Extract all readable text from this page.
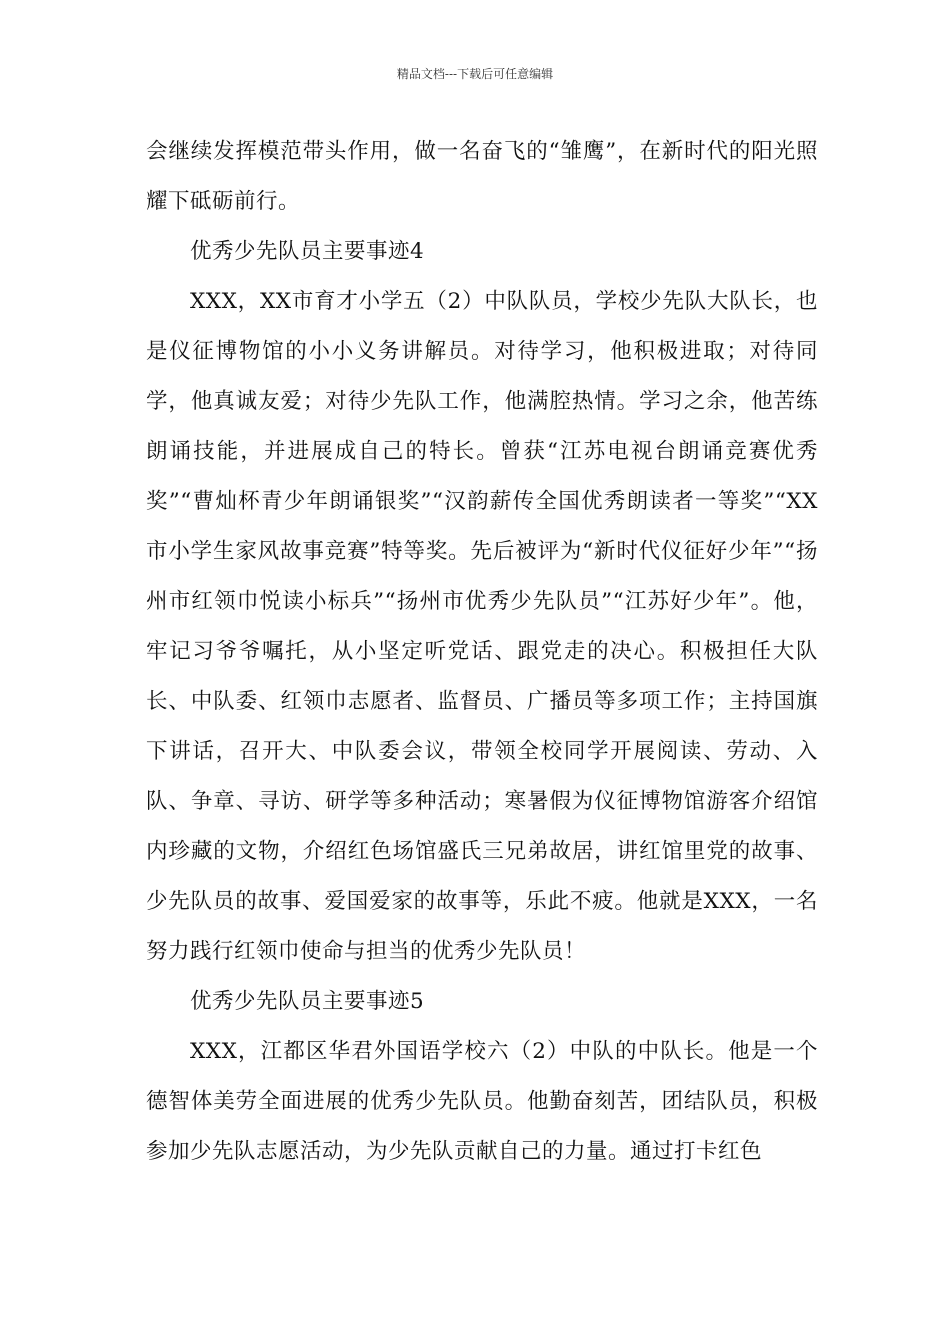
精品文档---下载后可任意编辑

会继续发挥模范带头作用，做一名奋飞的“雏鹰”，在新时代的阳光照耀下砥砺前行。

优秀少先队员主要事迹4

XXX，XX市育才小学五（2）中队队员，学校少先队大队长，也是仪征博物馆的小小义务讲解员。对待学习，他积极进取；对待同学，他真诚友爱；对待少先队工作，他满腔热情。学习之余，他苦练朗诵技能，并进展成自己的特长。曾获“江苏电视台朗诵竞赛优秀奖”“曹灿杯青少年朗诵银奖”“汉韵薪传全国优秀朗读者一等奖”“XX市小学生家风故事竞赛”特等奖。先后被评为“新时代仪征好少年”“扬州市红领巾悦读小标兵”“扬州市优秀少先队员”“江苏好少年”。他，牢记习爷爷嘱托，从小坚定听党话、跟党走的决心。积极担任大队长、中队委、红领巾志愿者、监督员、广播员等多项工作；主持国旗下讲话，召开大、中队委会议，带领全校同学开展阅读、劳动、入队、争章、寻访、研学等多种活动；寒暑假为仪征博物馆游客介绍馆内珍藏的文物，介绍红色场馆盛氏三兄弟故居，讲红馆里党的故事、少先队员的故事、爱国爱家的故事等，乐此不疲。他就是XXX，一名努力践行红领巾使命与担当的优秀少先队员！

优秀少先队员主要事迹5

XXX，江都区华君外国语学校六（2）中队的中队长。他是一个德智体美劳全面进展的优秀少先队员。他勤奋刻苦，团结队员，积极参加少先队志愿活动，为少先队贡献自己的力量。通过打卡红色
